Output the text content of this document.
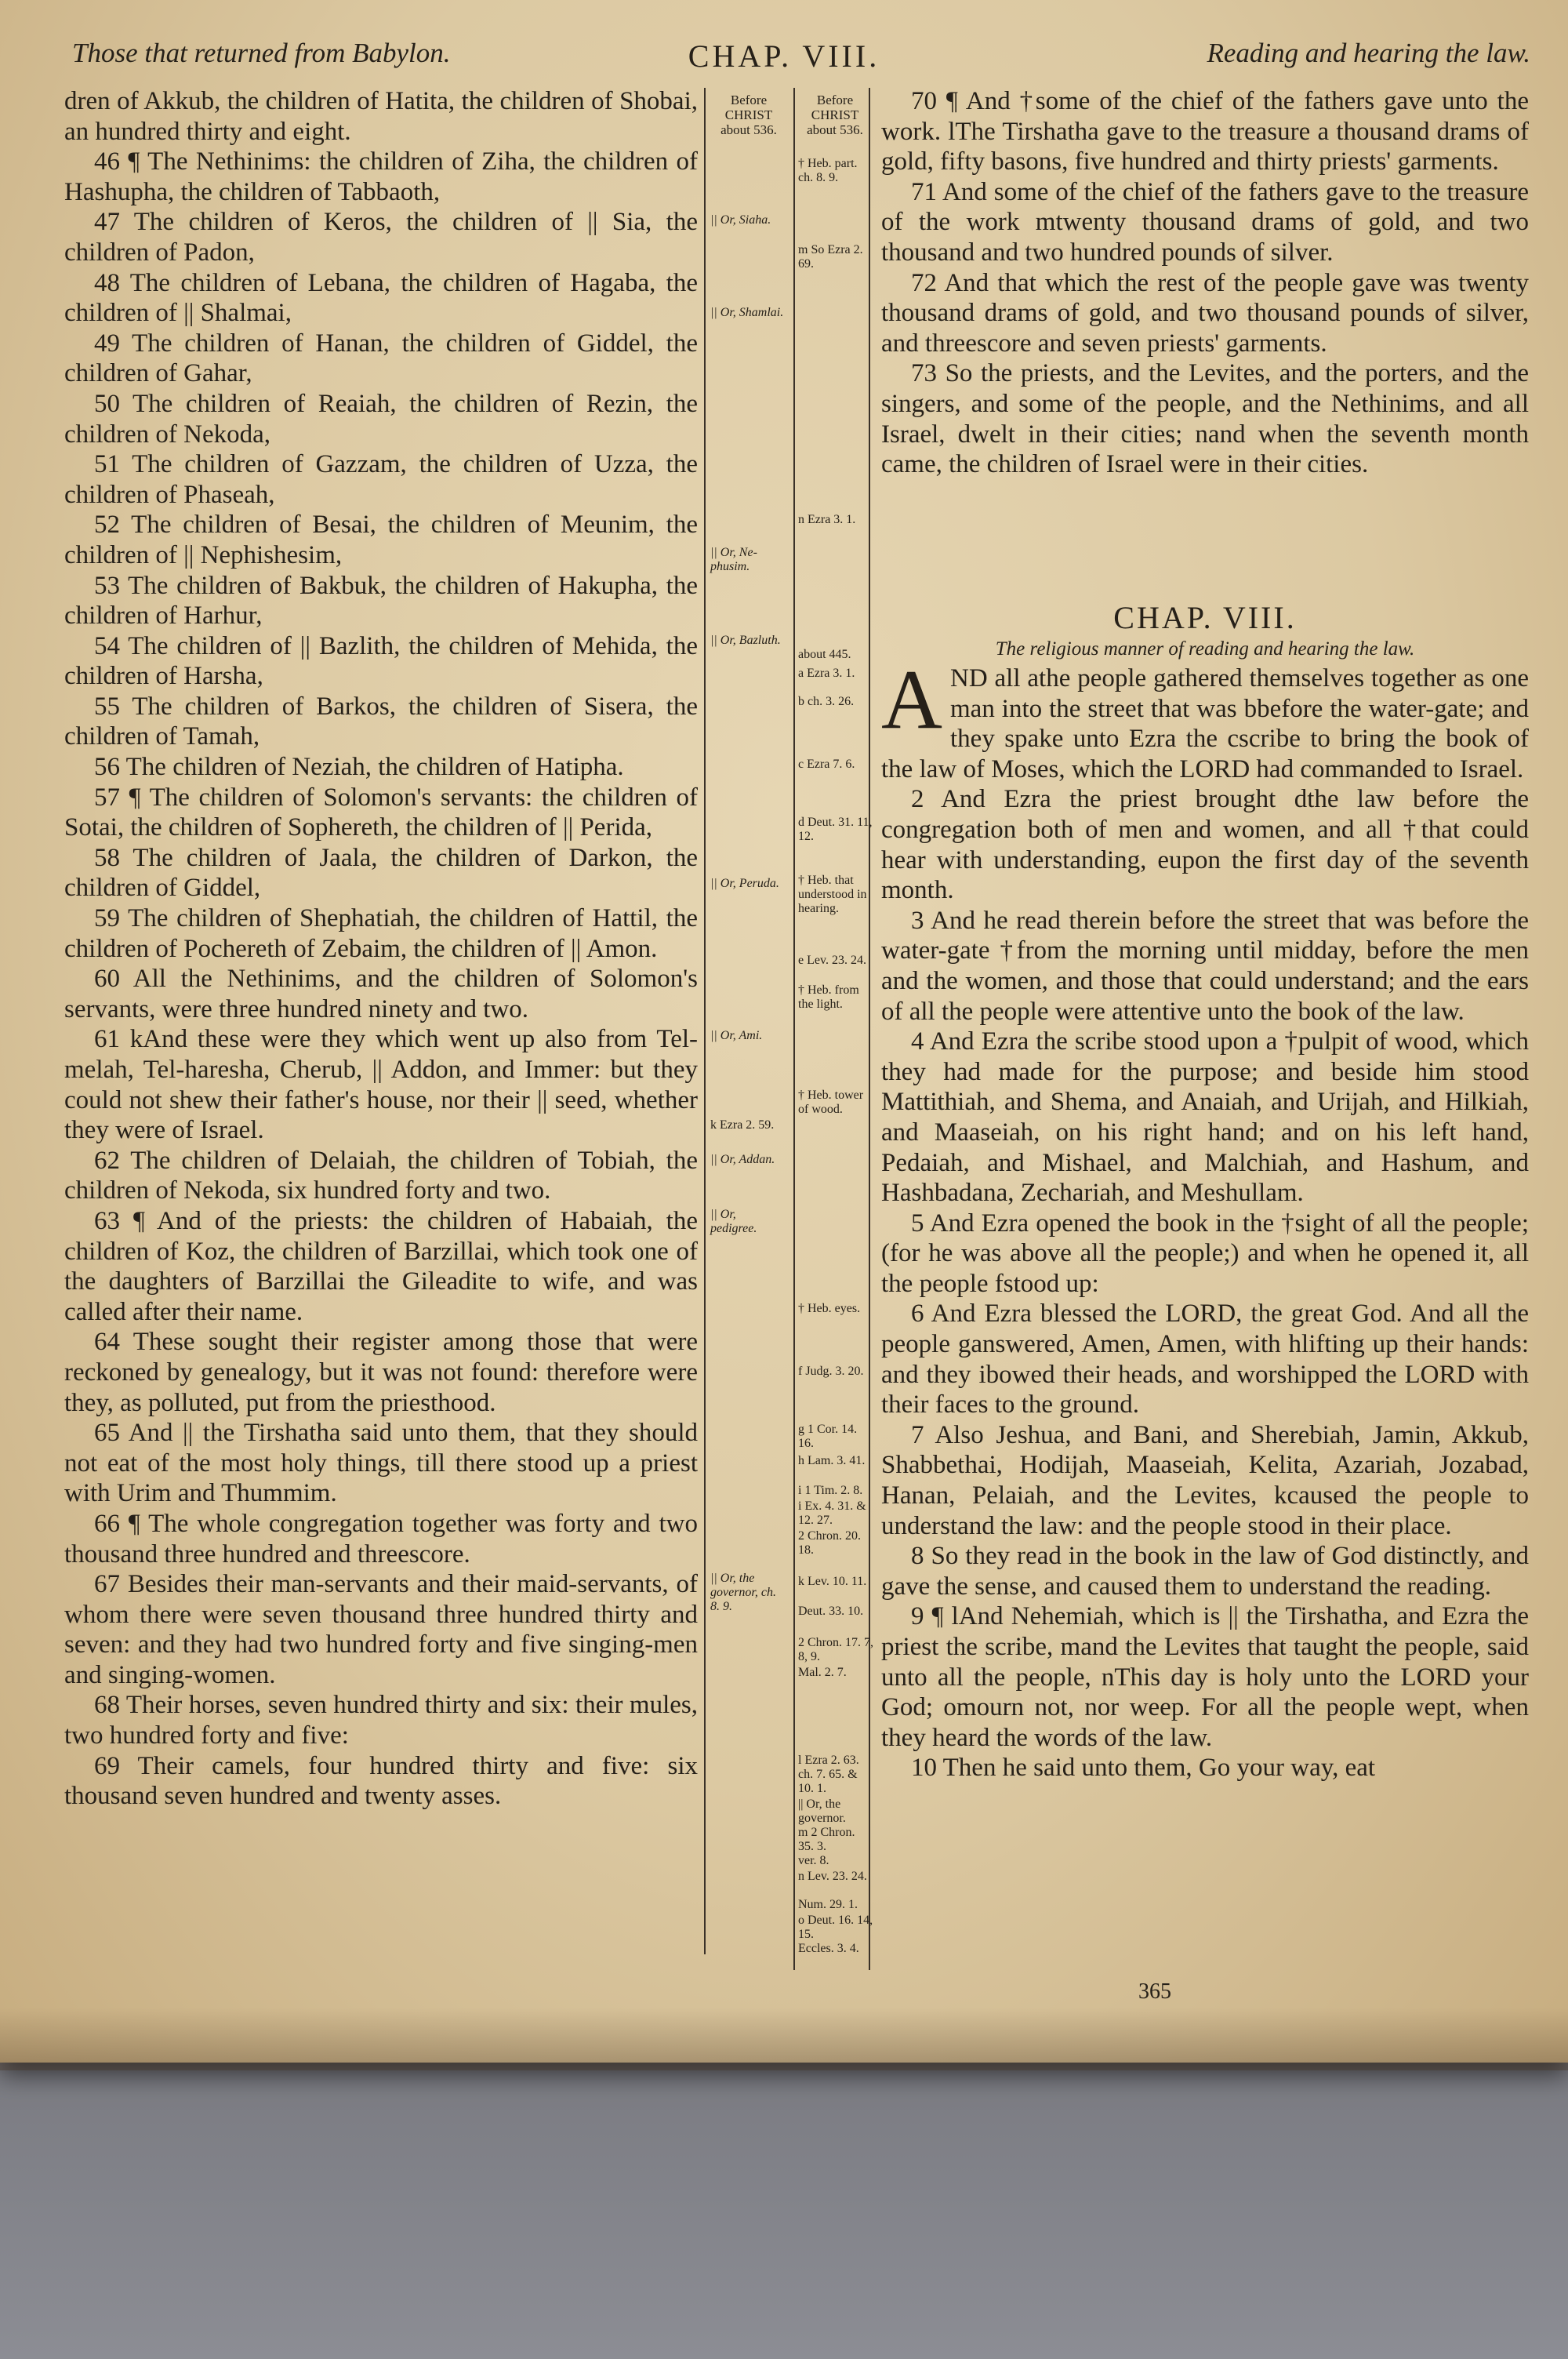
Those that returned from Babylon.	CHAP. VIII.	Reading and hearing the law.
Before CHRIST
about 536.
Before CHRIST
about 536.
|| Or, Siaha.
|| Or, Shamlai.
|| Or, Ne-phusim.
|| Or, Bazluth.
|| Or, Peruda.
|| Or, Ami.
|| Or, Addan.
|| Or, pedigree.
|| Or, the governor, ch. 8. 9.
† Heb. part. ch. 8. 9.
m So Ezra 2. 69.
n Ezra 3. 1.
about 445.
a Ezra 3. 1.
b ch. 3. 26.
c Ezra 7. 6.
d Deut. 31. 11, 12.
† Heb. that understood in hearing.
e Lev. 23. 24.
† Heb. from the light.
† Heb. tower of wood.
k Ezra 2. 59.
† Heb. eyes.
f Judg. 3. 20.
g 1 Cor. 14. 16.
h Lam. 3. 41.
i 1 Tim. 2. 8.
i Ex. 4. 31. & 12. 27.
2 Chron. 20. 18.
k Lev. 10. 11.
Deut. 33. 10.
2 Chron. 17. 7, 8, 9.
Mal. 2. 7.
l Ezra 2. 63. ch. 7. 65. & 10. 1.
|| Or, the governor.
m 2 Chron. 35. 3.
ver. 8.
n Lev. 23. 24.
Num. 29. 1.
o Deut. 16. 14, 15.
Eccles. 3. 4.

dren of Akkub, the children of Hatita, the children of Shobai, an hundred thirty and eight.

46 ¶ The Nethinims: the children of Ziha, the children of Hashupha, the children of Tabbaoth,

47 The children of Keros, the children of || Sia, the children of Padon,

48 The children of Lebana, the children of Hagaba, the children of || Shalmai,

49 The children of Hanan, the children of Giddel, the children of Gahar,

50 The children of Reaiah, the children of Rezin, the children of Nekoda,

51 The children of Gazzam, the children of Uzza, the children of Phaseah,

52 The children of Besai, the children of Meunim, the children of || Nephishesim,

53 The children of Bakbuk, the children of Hakupha, the children of Harhur,

54 The children of || Bazlith, the children of Mehida, the children of Harsha,

55 The children of Barkos, the children of Sisera, the children of Tamah,

56 The children of Neziah, the children of Hatipha.

57 ¶ The children of Solomon's servants: the children of Sotai, the children of Sophereth, the children of || Perida,

58 The children of Jaala, the children of Darkon, the children of Giddel,

59 The children of Shephatiah, the children of Hattil, the children of Pochereth of Zebaim, the children of || Amon.

60 All the Nethinims, and the children of Solomon's servants, were three hundred ninety and two.

61 kAnd these were they which went up also from Tel-melah, Tel-haresha, Cherub, || Addon, and Immer: but they could not shew their father's house, nor their || seed, whether they were of Israel.

62 The children of Delaiah, the children of Tobiah, the children of Nekoda, six hundred forty and two.

63 ¶ And of the priests: the children of Habaiah, the children of Koz, the children of Barzillai, which took one of the daughters of Barzillai the Gileadite to wife, and was called after their name.

64 These sought their register among those that were reckoned by genealogy, but it was not found: therefore were they, as polluted, put from the priesthood.

65 And || the Tirshatha said unto them, that they should not eat of the most holy things, till there stood up a priest with Urim and Thummim.

66 ¶ The whole congregation together was forty and two thousand three hundred and threescore.

67 Besides their man-servants and their maid-servants, of whom there were seven thousand three hundred thirty and seven: and they had two hundred forty and five singing-men and singing-women.

68 Their horses, seven hundred thirty and six: their mules, two hundred forty and five:

69 Their camels, four hundred thirty and five: six thousand seven hundred and twenty asses.

70 ¶ And †some of the chief of the fathers gave unto the work. lThe Tirshatha gave to the treasure a thousand drams of gold, fifty basons, five hundred and thirty priests' garments.

71 And some of the chief of the fathers gave to the treasure of the work mtwenty thousand drams of gold, and two thousand and two hundred pounds of silver.

72 And that which the rest of the people gave was twenty thousand drams of gold, and two thousand pounds of silver, and threescore and seven priests' garments.

73 So the priests, and the Levites, and the porters, and the singers, and some of the people, and the Nethinims, and all Israel, dwelt in their cities; nand when the seventh month came, the children of Israel were in their cities.

CHAP. VIII.
The religious manner of reading and hearing the law.

AND all athe people gathered themselves together as one man into the street that was bbefore the water-gate; and they spake unto Ezra the cscribe to bring the book of the law of Moses, which the LORD had commanded to Israel.

2 And Ezra the priest brought dthe law before the congregation both of men and women, and all †that could hear with understanding, eupon the first day of the seventh month.

3 And he read therein before the street that was before the water-gate †from the morning until midday, before the men and the women, and those that could understand; and the ears of all the people were attentive unto the book of the law.

4 And Ezra the scribe stood upon a †pulpit of wood, which they had made for the purpose; and beside him stood Mattithiah, and Shema, and Anaiah, and Urijah, and Hilkiah, and Maaseiah, on his right hand; and on his left hand, Pedaiah, and Mishael, and Malchiah, and Hashum, and Hashbadana, Zechariah, and Meshullam.

5 And Ezra opened the book in the †sight of all the people; (for he was above all the people;) and when he opened it, all the people fstood up:

6 And Ezra blessed the LORD, the great God. And all the people ganswered, Amen, Amen, with hlifting up their hands: and they ibowed their heads, and worshipped the LORD with their faces to the ground.

7 Also Jeshua, and Bani, and Sherebiah, Jamin, Akkub, Shabbethai, Hodijah, Maaseiah, Kelita, Azariah, Jozabad, Hanan, Pelaiah, and the Levites, kcaused the people to understand the law: and the people stood in their place.

8 So they read in the book in the law of God distinctly, and gave the sense, and caused them to understand the reading.

9 ¶ lAnd Nehemiah, which is || the Tirshatha, and Ezra the priest the scribe, mand the Levites that taught the people, said unto all the people, nThis day is holy unto the LORD your God; omourn not, nor weep. For all the people wept, when they heard the words of the law.

10 Then he said unto them, Go your way, eat

365
